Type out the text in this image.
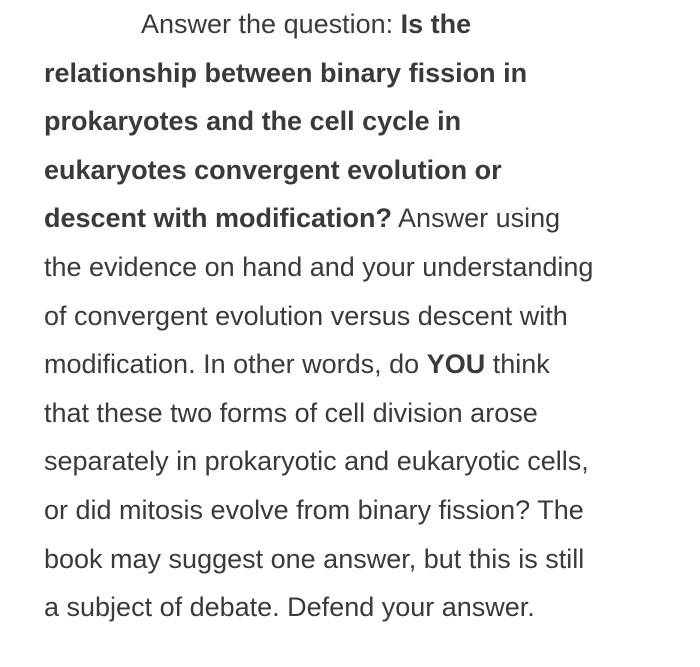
Answer the question: Is the
relationship between binary fission in
prokaryotes and the cell cycle in
eukaryotes convergent evolution or
descent with modification? Answer using
the evidence on hand and your understanding
of convergent evolution versus descent with
modification. In other words, do YOU think
that these two forms of cell division arose
separately in prokaryotic and eukaryotic cells,
or did mitosis evolve from binary fission? The
book may suggest one answer, but this is still
a subject of debate. Defend your answer.
